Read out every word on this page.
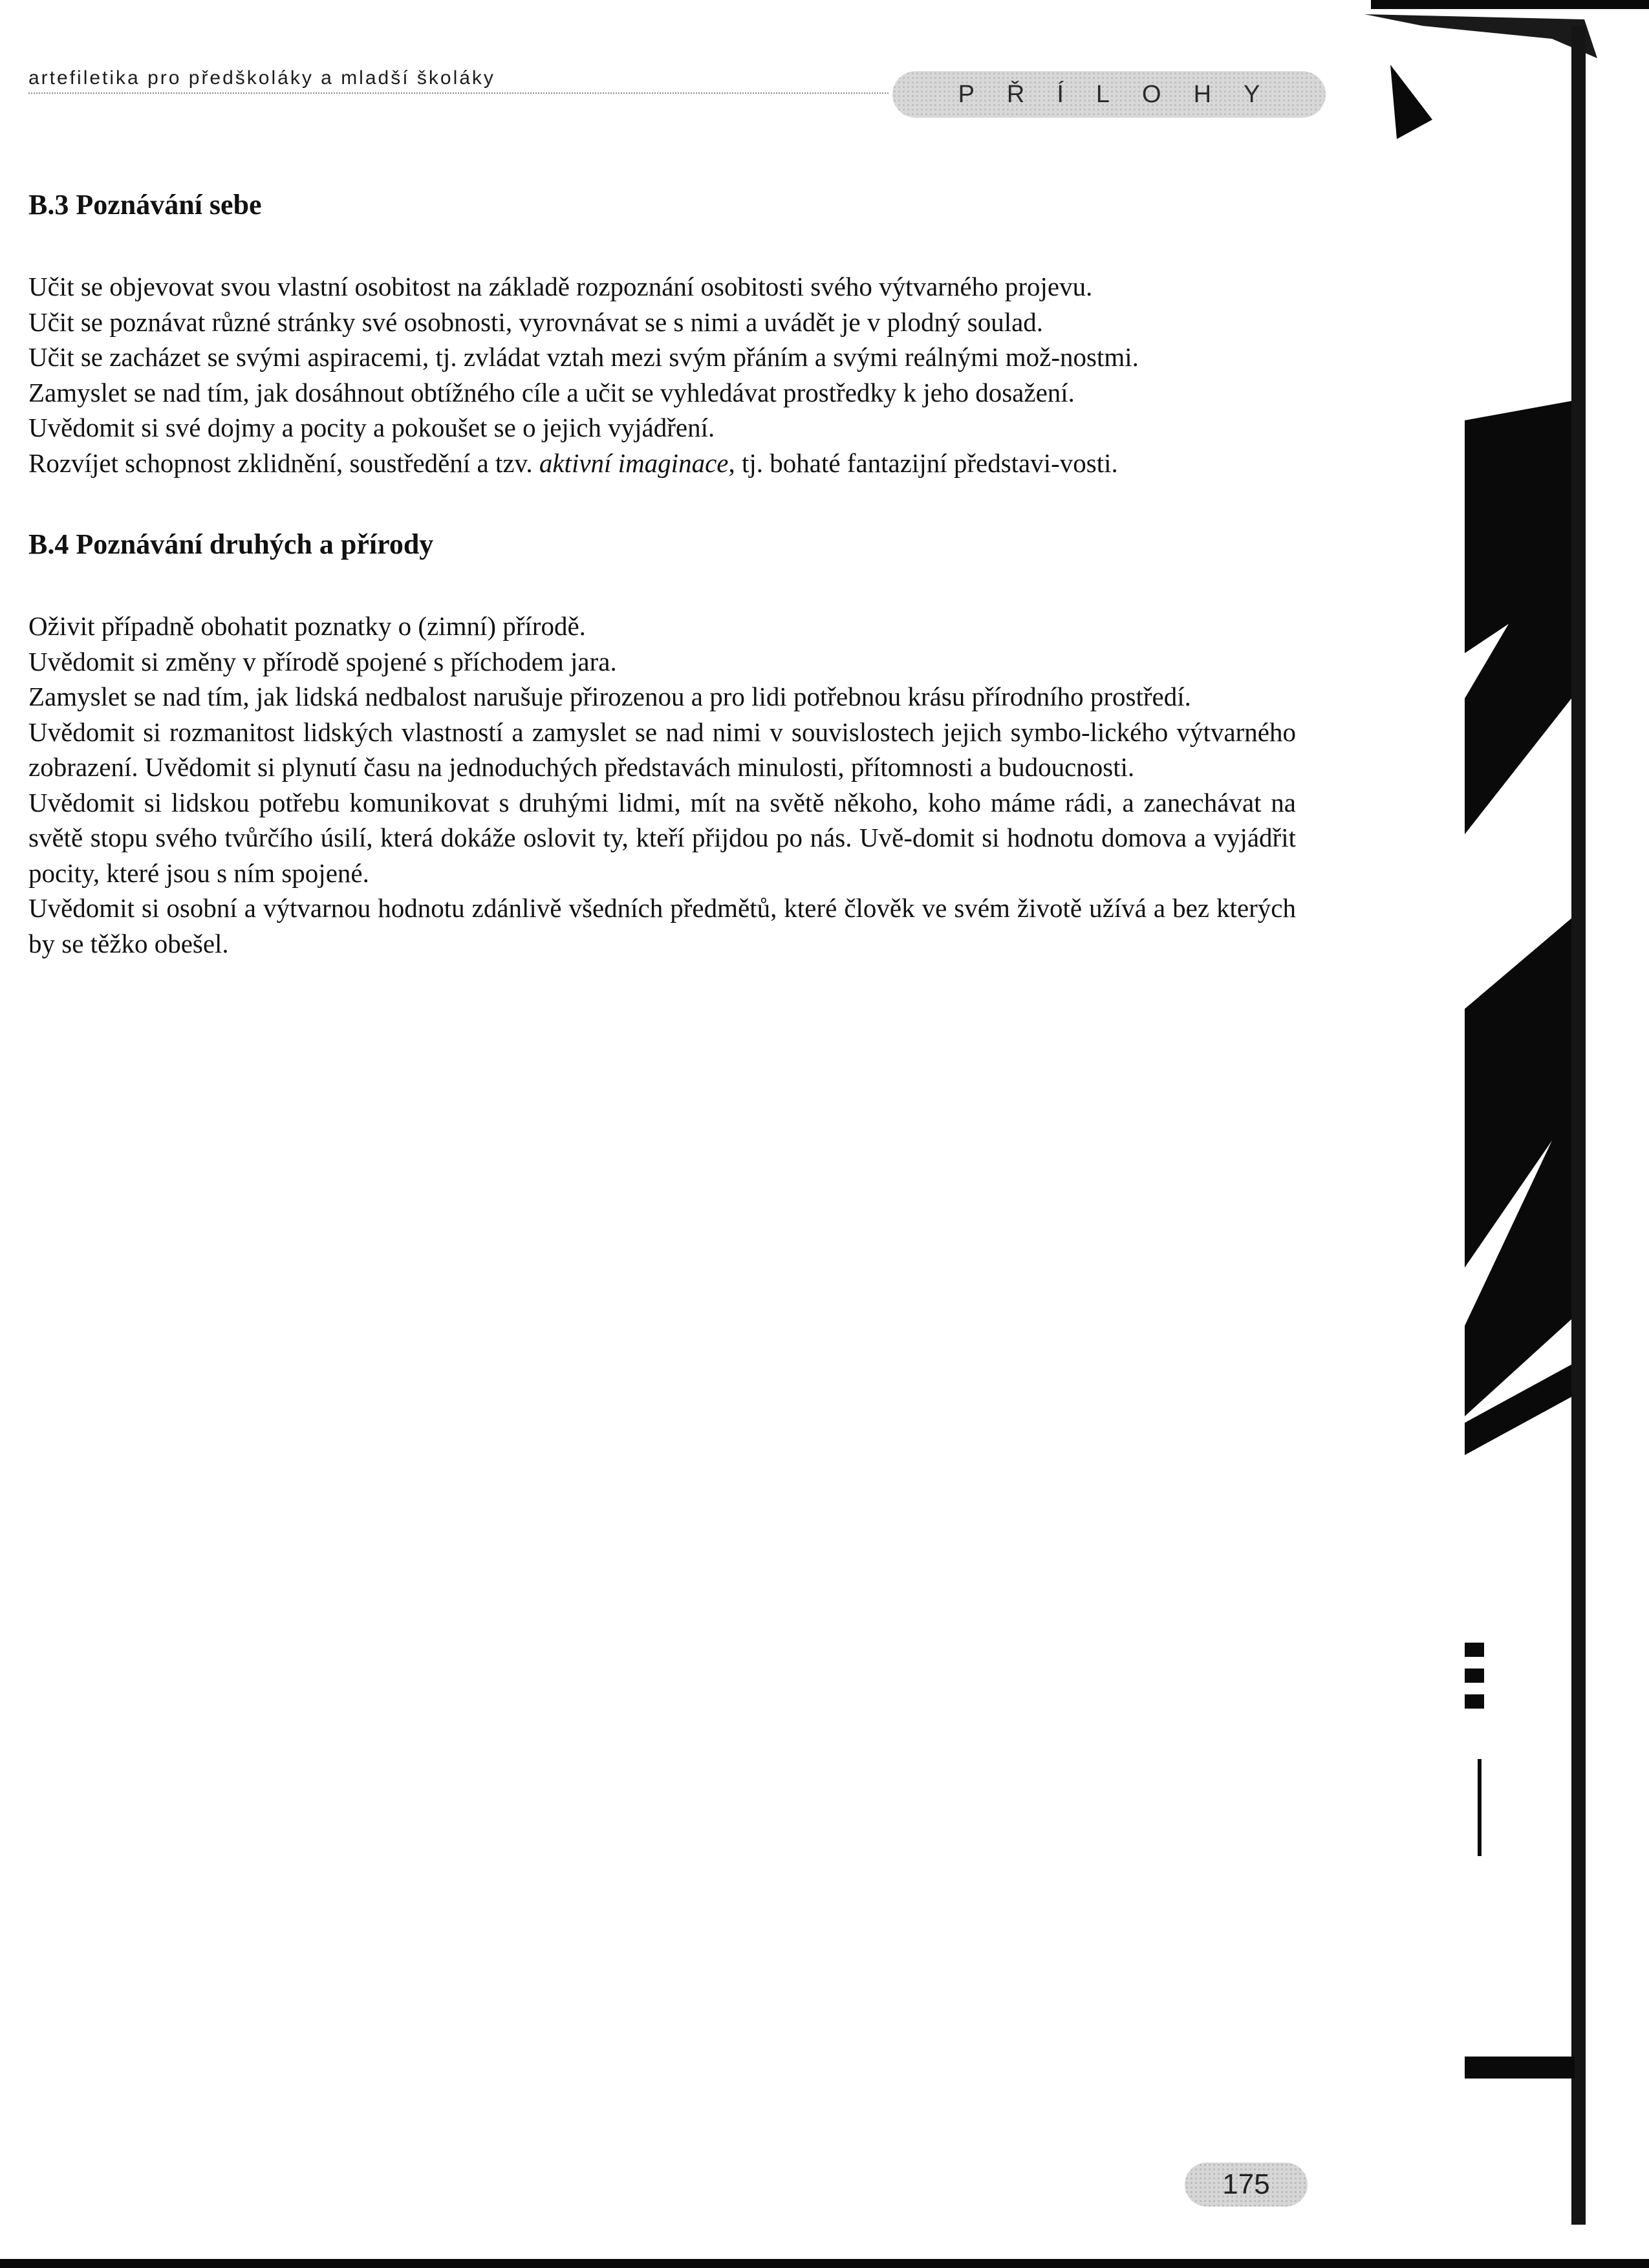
artefiletika pro předškoláky a mladší školáky
PŘÍLOHY
B.3 Poznávání sebe

Učit se objevovat svou vlastní osobitost na základě rozpoznání osobitosti svého výtvarného projevu.

Učit se poznávat různé stránky své osobnosti, vyrovnávat se s nimi a uvádět je v plodný soulad.

Učit se zacházet se svými aspiracemi, tj. zvládat vztah mezi svým přáním a svými reálnými mož-nostmi.

Zamyslet se nad tím, jak dosáhnout obtížného cíle a učit se vyhledávat prostředky k jeho dosažení.

Uvědomit si své dojmy a pocity a pokoušet se o jejich vyjádření.

Rozvíjet schopnost zklidnění, soustředění a tzv. aktivní imaginace, tj. bohaté fantazijní představi-vosti.

B.4 Poznávání druhých a přírody

Oživit případně obohatit poznatky o (zimní) přírodě.

Uvědomit si změny v přírodě spojené s příchodem jara.

Zamyslet se nad tím, jak lidská nedbalost narušuje přirozenou a pro lidi potřebnou krásu přírodního prostředí.

Uvědomit si rozmanitost lidských vlastností a zamyslet se nad nimi v souvislostech jejich symbo-lického výtvarného zobrazení. Uvědomit si plynutí času na jednoduchých představách minulosti, přítomnosti a budoucnosti.

Uvědomit si lidskou potřebu komunikovat s druhými lidmi, mít na světě někoho, koho máme rádi, a zanechávat na světě stopu svého tvůrčího úsilí, která dokáže oslovit ty, kteří přijdou po nás. Uvě-domit si hodnotu domova a vyjádřit pocity, které jsou s ním spojené.

Uvědomit si osobní a výtvarnou hodnotu zdánlivě všedních předmětů, které člověk ve svém životě užívá a bez kterých by se těžko obešel.

175
